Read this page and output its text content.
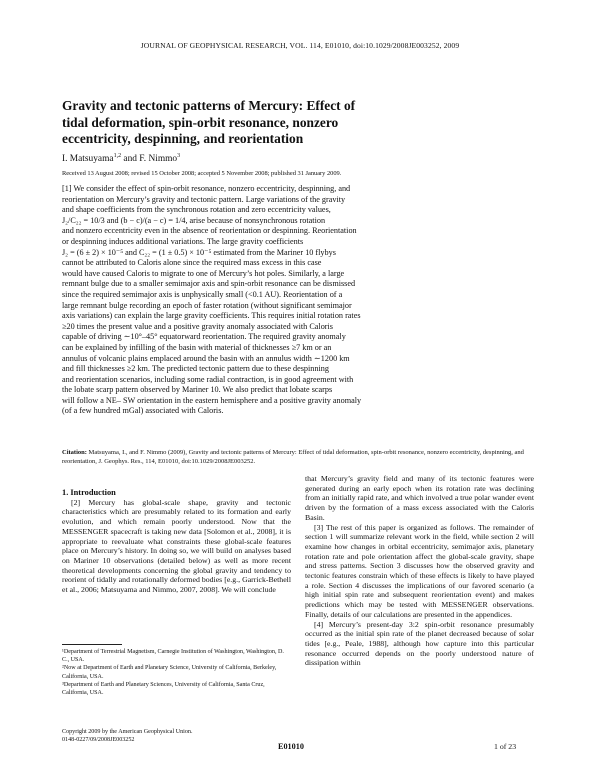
JOURNAL OF GEOPHYSICAL RESEARCH, VOL. 114, E01010, doi:10.1029/2008JE003252, 2009
Gravity and tectonic patterns of Mercury: Effect of
tidal deformation, spin-orbit resonance, nonzero
eccentricity, despinning, and reorientation
I. Matsuyama$^{1,2}$ and F. Nimmo$^3$
Received 13 August 2008; revised 15 October 2008; accepted 5 November 2008; published 31 January 2009.
[1] We consider the effect of spin-orbit resonance, nonzero eccentricity, despinning, and
reorientation on Mercury’s gravity and tectonic pattern. Large variations of the gravity
and shape coefficients from the synchronous rotation and zero eccentricity values,
J₂/C₂₂ = 10/3 and (b − c)/(a − c) = 1/4, arise because of nonsynchronous rotation
and nonzero eccentricity even in the absence of reorientation or despinning. Reorientation
or despinning induces additional variations. The large gravity coefficients
J₂ = (6 ± 2) × 10⁻⁵ and C₂₂ = (1 ± 0.5) × 10⁻⁵ estimated from the Mariner 10 flybys
cannot be attributed to Caloris alone since the required mass excess in this case
would have caused Caloris to migrate to one of Mercury’s hot poles. Similarly, a large
remnant bulge due to a smaller semimajor axis and spin-orbit resonance can be dismissed
since the required semimajor axis is unphysically small (<0.1 AU). Reorientation of a
large remnant bulge recording an epoch of faster rotation (without significant semimajor
axis variations) can explain the large gravity coefficients. This requires initial rotation rates
≥20 times the present value and a positive gravity anomaly associated with Caloris
capable of driving ∼10°–45° equatorward reorientation. The required gravity anomaly
can be explained by infilling of the basin with material of thicknesses ≥7 km or an
annulus of volcanic plains emplaced around the basin with an annulus width ∼1200 km
and fill thicknesses ≥2 km. The predicted tectonic pattern due to these despinning
and reorientation scenarios, including some radial contraction, is in good agreement with
the lobate scarp pattern observed by Mariner 10. We also predict that lobate scarps
will follow a NE– SW orientation in the eastern hemisphere and a positive gravity anomaly
(of a few hundred mGal) associated with Caloris.
Citation: Matsuyama, I., and F. Nimmo (2009), Gravity and tectonic patterns of Mercury: Effect of tidal deformation, spin-orbit resonance, nonzero eccentricity, despinning, and reorientation, J. Geophys. Res., 114, E01010, doi:10.1029/2008JE003252.

1. Introduction

[2] Mercury has global-scale shape, gravity and tectonic characteristics which are presumably related to its formation and early evolution, and which remain poorly understood. Now that the MESSENGER spacecraft is taking new data [Solomon et al., 2008], it is appropriate to reevaluate what constraints these global-scale features place on Mercury’s history. In doing so, we will build on analyses based on Mariner 10 observations (detailed below) as well as more recent theoretical developments concerning the global gravity and tendency to reorient of tidally and rotationally deformed bodies [e.g., Garrick-Bethell et al., 2006; Matsuyama and Nimmo, 2007, 2008]. We will conclude

that Mercury’s gravity field and many of its tectonic features were generated during an early epoch when its rotation rate was declining from an initially rapid rate, and which involved a true polar wander event driven by the formation of a mass excess associated with the Caloris Basin.

[3] The rest of this paper is organized as follows. The remainder of section 1 will summarize relevant work in the field, while section 2 will examine how changes in orbital eccentricity, semimajor axis, planetary rotation rate and pole orientation affect the global-scale gravity, shape and stress patterns. Section 3 discusses how the observed gravity and tectonic features constrain which of these effects is likely to have played a role. Section 4 discusses the implications of our favored scenario (a high initial spin rate and subsequent reorientation event) and makes predictions which may be tested with MESSENGER observations. Finally, details of our calculations are presented in the appendices.

[4] Mercury’s present-day 3:2 spin-orbit resonance presumably occurred as the initial spin rate of the planet decreased because of solar tides [e.g., Peale, 1988], although how capture into this particular resonance occurred depends on the poorly understood nature of dissipation within

¹Department of Terrestrial Magnetism, Carnegie Institution of Washington, Washington, D. C., USA.

²Now at Department of Earth and Planetary Science, University of California, Berkeley, California, USA.

³Department of Earth and Planetary Sciences, University of California, Santa Cruz, California, USA.

Copyright 2009 by the American Geophysical Union.
0148-0227/09/2008JE003252
E01010	1 of 23
